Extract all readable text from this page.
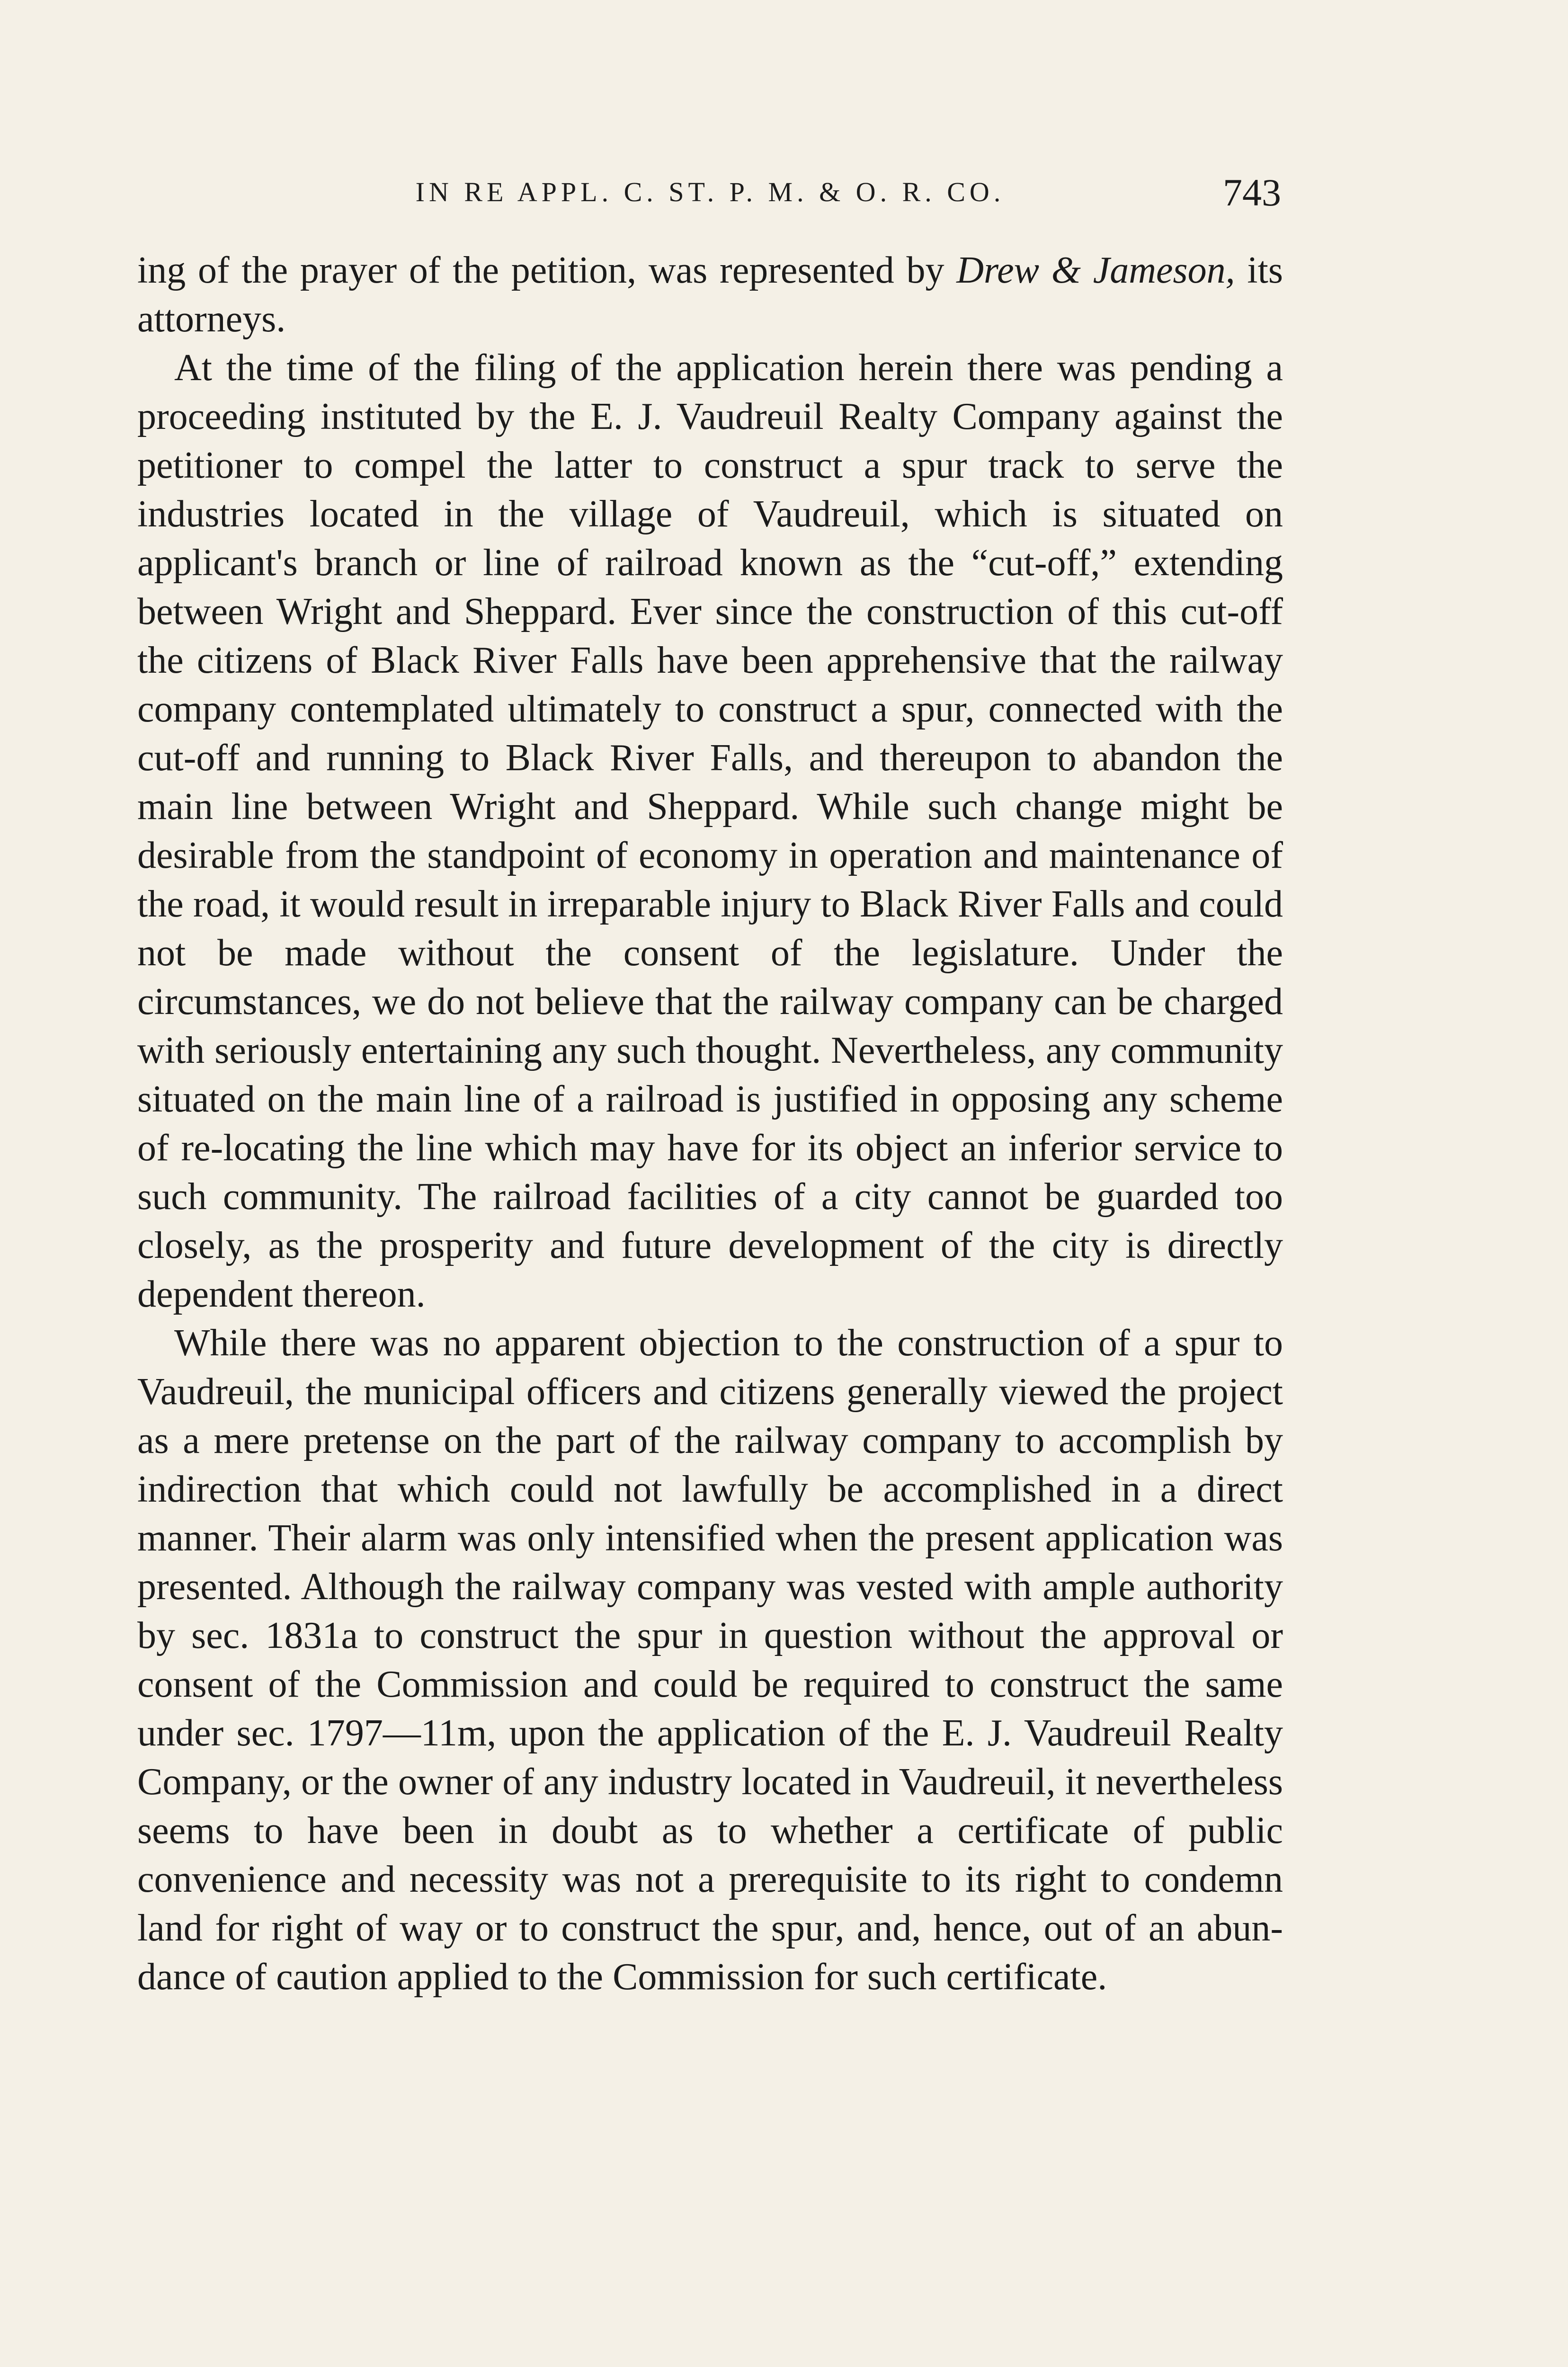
IN RE APPL. C. ST. P. M. & O. R. CO.	743

ing of the prayer of the petition, was represented by Drew & Jameson, its attorneys.

At the time of the filing of the application herein there was pending a proceeding instituted by the E. J. Vaudreuil Realty Company against the petitioner to compel the latter to construct a spur track to serve the industries located in the village of Vaudreuil, which is situated on applicant's branch or line of railroad known as the “cut-off,” extending between Wright and Sheppard. Ever since the construction of this cut-off the citizens of Black River Falls have been apprehensive that the railway company contemplated ultimately to construct a spur, connected with the cut-off and running to Black River Falls, and thereupon to abandon the main line between Wright and Sheppard. While such change might be desirable from the standpoint of economy in operation and maintenance of the road, it would result in irreparable injury to Black River Falls and could not be made without the consent of the legislature. Under the circumstances, we do not believe that the railway company can be charged with seriously entertaining any such thought. Nevertheless, any community situated on the main line of a railroad is justified in opposing any scheme of re-locating the line which may have for its object an inferior service to such community. The railroad facilities of a city cannot be guarded too closely, as the prosperity and future development of the city is directly dependent thereon.

While there was no apparent objection to the construction of a spur to Vaudreuil, the municipal officers and citizens generally viewed the project as a mere pretense on the part of the railway company to accomplish by indirection that which could not lawfully be accomplished in a direct manner. Their alarm was only intensified when the present application was presented. Although the railway company was vested with ample authority by sec. 1831a to construct the spur in question without the approval or consent of the Commission and could be required to construct the same under sec. 1797—11m, upon the application of the E. J. Vaudreuil Realty Company, or the owner of any industry located in Vaudreuil, it nevertheless seems to have been in doubt as to whether a certificate of public convenience and necessity was not a prerequisite to its right to condemn land for right of way or to construct the spur, and, hence, out of an abundance of caution applied to the Commission for such certificate.
